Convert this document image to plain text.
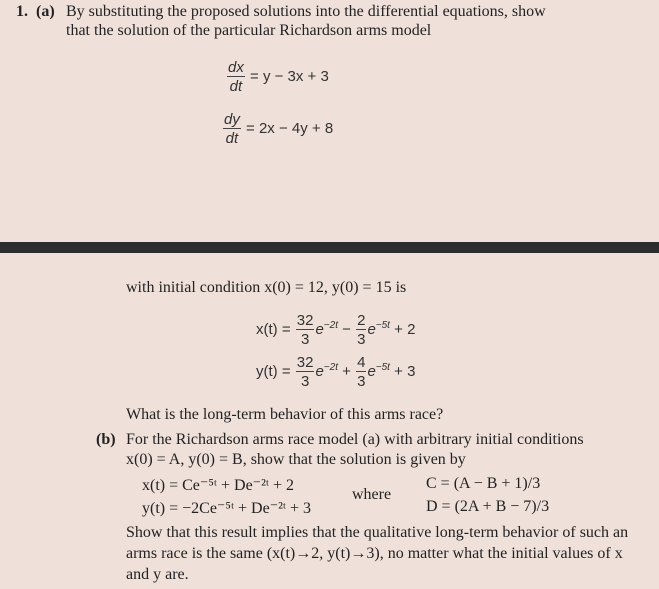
1. (a) By substituting the proposed solutions into the differential equations, show
that the solution of the particular Richardson arms model
$\frac{dx}{dt} = y - 3x + 3$
$\frac{dy}{dt} = 2x - 4y + 8$
with initial condition x(0) = 12, y(0) = 15 is
$x(t) = \frac{32}{3} e^{-2t} - \frac{2}{3} e^{-5t} + 2$
$y(t) = \frac{32}{3} e^{-2t} + \frac{4}{3} e^{-5t} + 3$
What is the long-term behavior of this arms race?
(b) For the Richardson arms race model (a) with arbitrary initial conditions
x(0) = A, y(0) = B, show that the solution is given by
x(t) = Ce⁻⁵ᵗ + De⁻²ᵗ + 2
y(t) = −2Ce⁻⁵ᵗ + De⁻²ᵗ + 3
where
C = (A − B + 1)/3
D = (2A + B − 7)/3
Show that this result implies that the qualitative long-term behavior of such an
arms race is the same (x(t)→2, y(t)→3), no matter what the initial values of x
and y are.
